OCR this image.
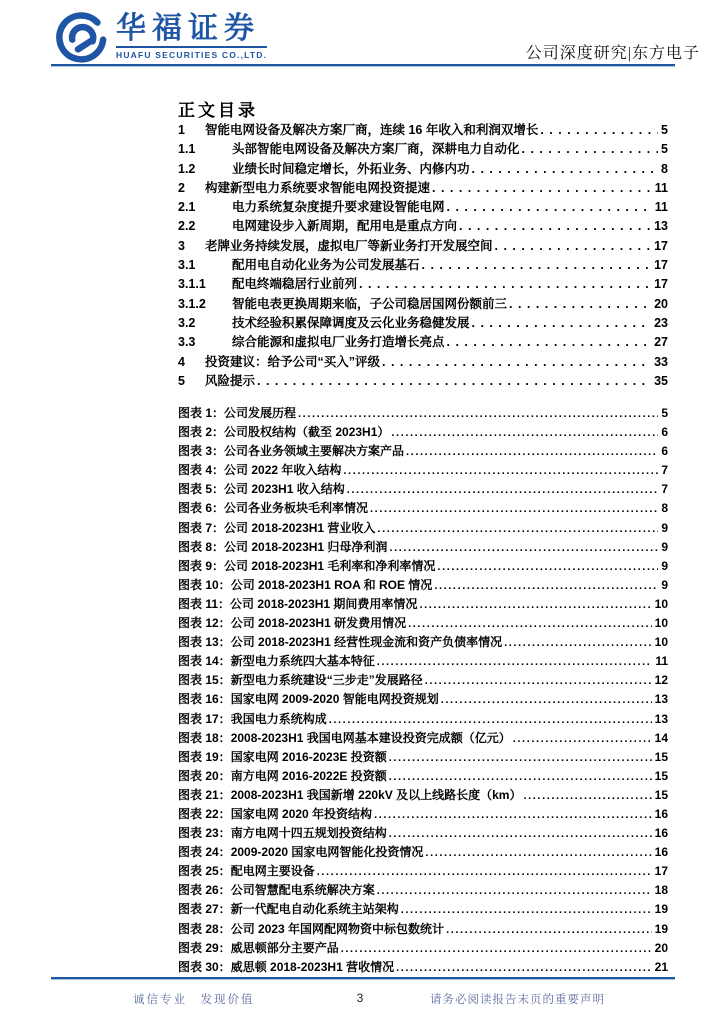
华福证券
HUAFU SECURITIES CO.,LTD.	公司深度研究|东方电子
正文目录
1	智能电网设备及解决方案厂商，连续 16 年收入和利润双增长 . . .	5
1.1	头部智能电网设备及解决方案厂商，深耕电力自动化 . . .	5
1.2	业绩长时间稳定增长，外拓业务、内修内功 . . .	8
2	构建新型电力系统要求智能电网投资提速 . . .	11
2.1	电力系统复杂度提升要求建设智能电网 . . .	11
2.2	电网建设步入新周期，配用电是重点方向 . . .	13
3	老牌业务持续发展，虚拟电厂等新业务打开发展空间 . . .	17
3.1	配用电自动化业务为公司发展基石 . . .	17
3.1.1	配电终端稳居行业前列 . . .	17
3.1.2	智能电表更换周期来临，子公司稳居国网份额前三 . . .	20
3.2	技术经验积累保障调度及云化业务稳健发展 . . .	23
3.3	综合能源和虚拟电厂业务打造增长亮点 . . .	27
4	投资建议：给予公司“买入”评级 . . .	33
5	风险提示 . . .	35
图表 1： 公司发展历程 .....	5
图表 2： 公司股权结构（截至 2023H1） .....	6
图表 3： 公司各业务领域主要解决方案产品 .....	6
图表 4： 公司 2022 年收入结构 .....	7
图表 5： 公司 2023H1 收入结构 .....	7
图表 6： 公司各业务板块毛利率情况 .....	8
图表 7： 公司 2018-2023H1 营业收入 .....	9
图表 8： 公司 2018-2023H1 归母净利润 .....	9
图表 9： 公司 2018-2023H1 毛利率和净利率情况 .....	9
图表 10： 公司 2018-2023H1 ROA 和 ROE 情况 .....	9
图表 11： 公司 2018-2023H1 期间费用率情况 .....	10
图表 12： 公司 2018-2023H1 研发费用情况 .....	10
图表 13： 公司 2018-2023H1 经营性现金流和资产负债率情况 .....	10
图表 14： 新型电力系统四大基本特征 .....	11
图表 15： 新型电力系统建设“三步走”发展路径 .....	12
图表 16： 国家电网 2009-2020 智能电网投资规划 .....	13
图表 17： 我国电力系统构成 .....	13
图表 18： 2008-2023H1 我国电网基本建设投资完成额（亿元） .....	14
图表 19： 国家电网 2016-2023E 投资额 .....	15
图表 20： 南方电网 2016-2022E 投资额 .....	15
图表 21： 2008-2023H1 我国新增 220kV 及以上线路长度（km） .....	15
图表 22： 国家电网 2020 年投资结构 .....	16
图表 23： 南方电网十四五规划投资结构 .....	16
图表 24： 2009-2020 国家电网智能化投资情况 .....	16
图表 25： 配电网主要设备 .....	17
图表 26： 公司智慧配电系统解决方案 .....	18
图表 27： 新一代配电自动化系统主站架构 .....	19
图表 28： 公司 2023 年国网配网物资中标包数统计 .....	19
图表 29： 威思顿部分主要产品 .....	20
图表 30： 威思顿 2018-2023H1 营收情况 .....	21
诚信专业　发现价值	3	请务必阅读报告末页的重要声明
